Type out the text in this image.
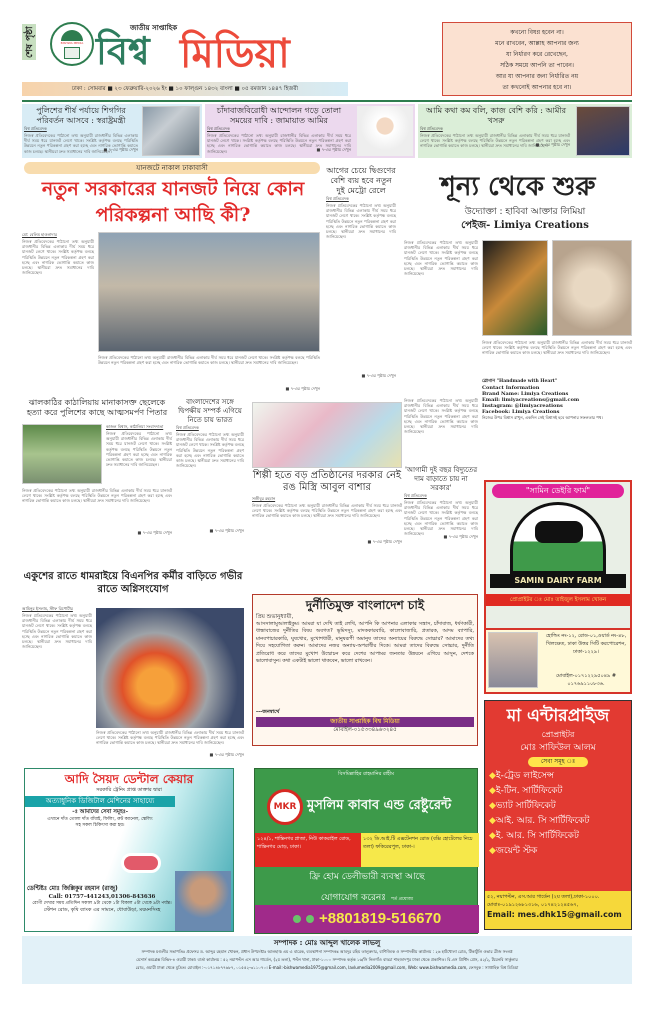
শেষ পৃষ্ঠা	BISHWA MEDIA
জাতীয় সাপ্তাহিক
বিশ্ব মিডিয়া
ঢাকা : সোমবার ■ ২৩ ফেব্রুয়ারি-২০২৬ ইং ■ ১০ ফাল্গুন ১৪৩২ বাংলা ■ ০৫ রমজান ১৪৪৭ হিজরী
কখনো বিষণ্ণ হবেন না।
মনে রাখবেন, আল্লাহ আপনার জন্য
যা নির্ধারণ করে রেখেছেন,
সঠিক সময়ে আপনি তা পাবেন।
আর যা আপনার জন্য নির্ধারিত নয়
তা কখনোই আপনার হবে না।
পুলিশের শীর্ষ পর্যায়ে শিগগির পরিবর্তন আসবে : স্বরাষ্ট্রমন্ত্রী
বিশ্ব প্রতিবেদক
নিজস্ব প্রতিবেদকের পাঠানো তথ্য অনুযায়ী রাজধানীর বিভিন্ন এলাকায় দীর্ঘ সময় ধরে যানজট লেগে থাকে। সংশ্লিষ্ট কর্তৃপক্ষ বলছে পরিস্থিতি উন্নয়নে নতুন পরিকল্পনা গ্রহণ করা হচ্ছে এবং নাগরিক ভোগান্তি কমাতে কাজ চলছে। স্থানীয়রা দ্রুত সমাধানের দাবি জানিয়েছেন।
■ ৭-এর পৃষ্ঠায় দেখুন
চাঁদাবাজবিরোধী আন্দোলন গড়ে তোলা সময়ের দাবি : জামায়াত আমির
বিশ্ব প্রতিবেদক
নিজস্ব প্রতিবেদকের পাঠানো তথ্য অনুযায়ী রাজধানীর বিভিন্ন এলাকায় দীর্ঘ সময় ধরে যানজট লেগে থাকে। সংশ্লিষ্ট কর্তৃপক্ষ বলছে পরিস্থিতি উন্নয়নে নতুন পরিকল্পনা গ্রহণ করা হচ্ছে এবং নাগরিক ভোগান্তি কমাতে কাজ চলছে। স্থানীয়রা দ্রুত সমাধানের দাবি জানিয়েছেন।	■ ৭-এর পৃষ্ঠায় দেখুন
আমি কথা কম বলি, কাজ বেশি করি : আমীর খসরু
বিশ্ব প্রতিবেদক
নিজস্ব প্রতিবেদকের পাঠানো তথ্য অনুযায়ী রাজধানীর বিভিন্ন এলাকায় দীর্ঘ সময় ধরে যানজট লেগে থাকে। সংশ্লিষ্ট কর্তৃপক্ষ বলছে পরিস্থিতি উন্নয়নে নতুন পরিকল্পনা গ্রহণ করা হচ্ছে এবং নাগরিক ভোগান্তি কমাতে কাজ চলছে। স্থানীয়রা দ্রুত সমাধানের দাবি জানিয়েছেন।
■ ৭-এর পৃষ্ঠায় দেখুন
যানজটে নাকাল ঢাকাবাসী
নতুন সরকারের যানজট নিয়ে কোন পরিকল্পনা আছি কী?
মো: বেলিম হাওলাদার
নিজস্ব প্রতিবেদকের পাঠানো তথ্য অনুযায়ী রাজধানীর বিভিন্ন এলাকায় দীর্ঘ সময় ধরে যানজট লেগে থাকে। সংশ্লিষ্ট কর্তৃপক্ষ বলছে পরিস্থিতি উন্নয়নে নতুন পরিকল্পনা গ্রহণ করা হচ্ছে এবং নাগরিক ভোগান্তি কমাতে কাজ চলছে। স্থানীয়রা দ্রুত সমাধানের দাবি জানিয়েছেন।
নিজস্ব প্রতিবেদকের পাঠানো তথ্য অনুযায়ী রাজধানীর বিভিন্ন এলাকায় দীর্ঘ সময় ধরে যানজট লেগে থাকে। সংশ্লিষ্ট কর্তৃপক্ষ বলছে পরিস্থিতি উন্নয়নে নতুন পরিকল্পনা গ্রহণ করা হচ্ছে এবং নাগরিক ভোগান্তি কমাতে কাজ চলছে। স্থানীয়রা দ্রুত সমাধানের দাবি জানিয়েছেন।
■ ৭-এর পৃষ্ঠায় দেখুন
আগের চেয়ে দ্বিগুণের বেশি ব্যয় হবে নতুন দুই মেট্রো রেলে
বিশ্ব প্রতিবেদক
নিজস্ব প্রতিবেদকের পাঠানো তথ্য অনুযায়ী রাজধানীর বিভিন্ন এলাকায় দীর্ঘ সময় ধরে যানজট লেগে থাকে। সংশ্লিষ্ট কর্তৃপক্ষ বলছে পরিস্থিতি উন্নয়নে নতুন পরিকল্পনা গ্রহণ করা হচ্ছে এবং নাগরিক ভোগান্তি কমাতে কাজ চলছে। স্থানীয়রা দ্রুত সমাধানের দাবি জানিয়েছেন।
■ ৭-এর পৃষ্ঠায় দেখুন
শূন্য থেকে শুরু
উদ্যোক্তা : হাবিবা আক্তার লিমিয়া
পেইজ- Limiya Creations
নিজস্ব প্রতিবেদকের পাঠানো তথ্য অনুযায়ী রাজধানীর বিভিন্ন এলাকায় দীর্ঘ সময় ধরে যানজট লেগে থাকে। সংশ্লিষ্ট কর্তৃপক্ষ বলছে পরিস্থিতি উন্নয়নে নতুন পরিকল্পনা গ্রহণ করা হচ্ছে এবং নাগরিক ভোগান্তি কমাতে কাজ চলছে। স্থানীয়রা দ্রুত সমাধানের দাবি জানিয়েছেন।
নিজস্ব প্রতিবেদকের পাঠানো তথ্য অনুযায়ী রাজধানীর বিভিন্ন এলাকায় দীর্ঘ সময় ধরে যানজট লেগে থাকে। সংশ্লিষ্ট কর্তৃপক্ষ বলছে পরিস্থিতি উন্নয়নে নতুন পরিকল্পনা গ্রহণ করা হচ্ছে এবং নাগরিক ভোগান্তি কমাতে কাজ চলছে। স্থানীয়রা দ্রুত সমাধানের দাবি জানিয়েছেন।
স্লোগান "Handmade with Heart"
Contact Information
Brand Name: Limiya Creations
Email: limiyacreations@gmail.com
Instagram: @limiyacreations
Facebook: Limiya Creations
নিজের উপর বিশ্বাস রাখুন, একদিন সেই বিশ্বাসই হবে আপনার সফলতার পথ।
ঝালকাঠির কাঠালিয়ায় মানাকাসক্ত ছেলেকে হত্যা করে পুলিশের কাছে আত্মসমর্পণ পিতার
কাজল বিশ্বাস, কাঠালিয়া সংবাদদাতা
নিজস্ব প্রতিবেদকের পাঠানো তথ্য অনুযায়ী রাজধানীর বিভিন্ন এলাকায় দীর্ঘ সময় ধরে যানজট লেগে থাকে। সংশ্লিষ্ট কর্তৃপক্ষ বলছে পরিস্থিতি উন্নয়নে নতুন পরিকল্পনা গ্রহণ করা হচ্ছে এবং নাগরিক ভোগান্তি কমাতে কাজ চলছে। স্থানীয়রা দ্রুত সমাধানের দাবি জানিয়েছেন।
নিজস্ব প্রতিবেদকের পাঠানো তথ্য অনুযায়ী রাজধানীর বিভিন্ন এলাকায় দীর্ঘ সময় ধরে যানজট লেগে থাকে। সংশ্লিষ্ট কর্তৃপক্ষ বলছে পরিস্থিতি উন্নয়নে নতুন পরিকল্পনা গ্রহণ করা হচ্ছে এবং নাগরিক ভোগান্তি কমাতে কাজ চলছে। স্থানীয়রা দ্রুত সমাধানের দাবি জানিয়েছেন।
■ ৭-এর পৃষ্ঠায় দেখুন
বাংলাদেশের সঙ্গে দ্বিপক্ষীয় সম্পর্ক এগিয়ে নিতে চায় ভারত
বিশ্ব প্রতিবেদক
নিজস্ব প্রতিবেদকের পাঠানো তথ্য অনুযায়ী রাজধানীর বিভিন্ন এলাকায় দীর্ঘ সময় ধরে যানজট লেগে থাকে। সংশ্লিষ্ট কর্তৃপক্ষ বলছে পরিস্থিতি উন্নয়নে নতুন পরিকল্পনা গ্রহণ করা হচ্ছে এবং নাগরিক ভোগান্তি কমাতে কাজ চলছে। স্থানীয়রা দ্রুত সমাধানের দাবি জানিয়েছেন।
■ ৭-এর পৃষ্ঠায় দেখুন
শিল্পী হতে বড় প্রতিষ্ঠানের দরকার নেই রঙ মিস্ত্রি আবুল বাশার
সজীবুর রহমান
নিজস্ব প্রতিবেদকের পাঠানো তথ্য অনুযায়ী রাজধানীর বিভিন্ন এলাকায় দীর্ঘ সময় ধরে যানজট লেগে থাকে। সংশ্লিষ্ট কর্তৃপক্ষ বলছে পরিস্থিতি উন্নয়নে নতুন পরিকল্পনা গ্রহণ করা হচ্ছে এবং নাগরিক ভোগান্তি কমাতে কাজ চলছে। স্থানীয়রা দ্রুত সমাধানের দাবি জানিয়েছেন।
■ ৭-এর পৃষ্ঠায় দেখুন
নিজস্ব প্রতিবেদকের পাঠানো তথ্য অনুযায়ী রাজধানীর বিভিন্ন এলাকায় দীর্ঘ সময় ধরে যানজট লেগে থাকে। সংশ্লিষ্ট কর্তৃপক্ষ বলছে পরিস্থিতি উন্নয়নে নতুন পরিকল্পনা গ্রহণ করা হচ্ছে এবং নাগরিক ভোগান্তি কমাতে কাজ চলছে। স্থানীয়রা দ্রুত সমাধানের দাবি জানিয়েছেন।
'আগামী দুই বছর বিদ্যুতের দাম বাড়াতে চায় না সরকার'
বিশ্ব প্রতিবেদক
নিজস্ব প্রতিবেদকের পাঠানো তথ্য অনুযায়ী রাজধানীর বিভিন্ন এলাকায় দীর্ঘ সময় ধরে যানজট লেগে থাকে। সংশ্লিষ্ট কর্তৃপক্ষ বলছে পরিস্থিতি উন্নয়নে নতুন পরিকল্পনা গ্রহণ করা হচ্ছে এবং নাগরিক ভোগান্তি কমাতে কাজ চলছে। স্থানীয়রা দ্রুত সমাধানের দাবি জানিয়েছেন।
■ ৭-এর পৃষ্ঠায় দেখুন
একুশের রাতে ধামরাইয়ে বিএনপির কর্মীর বাড়িতে গভীর রাতে অগ্নিসংযোগ
আমিনুর ইসলাম, স্টাফ রিপোর্টার
নিজস্ব প্রতিবেদকের পাঠানো তথ্য অনুযায়ী রাজধানীর বিভিন্ন এলাকায় দীর্ঘ সময় ধরে যানজট লেগে থাকে। সংশ্লিষ্ট কর্তৃপক্ষ বলছে পরিস্থিতি উন্নয়নে নতুন পরিকল্পনা গ্রহণ করা হচ্ছে এবং নাগরিক ভোগান্তি কমাতে কাজ চলছে। স্থানীয়রা দ্রুত সমাধানের দাবি জানিয়েছেন।
নিজস্ব প্রতিবেদকের পাঠানো তথ্য অনুযায়ী রাজধানীর বিভিন্ন এলাকায় দীর্ঘ সময় ধরে যানজট লেগে থাকে। সংশ্লিষ্ট কর্তৃপক্ষ বলছে পরিস্থিতি উন্নয়নে নতুন পরিকল্পনা গ্রহণ করা হচ্ছে এবং নাগরিক ভোগান্তি কমাতে কাজ চলছে। স্থানীয়রা দ্রুত সমাধানের দাবি জানিয়েছেন।
■ ৭-এর পৃষ্ঠায় দেখুন
দুর্নীতিমুক্ত বাংলাদেশ চাই
প্রিয় শুভানুধ্যায়ী,
আসসালামুআলাইকুম। আমরা যা দেখি তাই লেখি, আপনি কি আপনার এলাকার সন্ত্রাস, চাঁদাবাজ, ধর্ষণকারী, ধান্ধাবাজের দুর্নীতির বিষয় অবগত? ভূমিদস্যু, মাদককারবারি, কালোবাজারি, প্রতারক, আদম ব্যাপারি, মানবপাচারকারি, ঘুষখোর, মুখোশধারী, মানুষরূপী অমানুষ তাদের অন্যায়ের বিরুদ্ধে সোচ্চার? আমাদের তথ্য দিয়ে সহযোগিতা করুন। আমাদের নজর অন্যায়-অপরাধীর দিকে। আমরা তাদের বিরুদ্ধে সোচ্চার, দুর্নীতি প্রতিরোধ করে তাদের মুখোশ উন্মোচন করে দেশের আপামর জনতার উন্নয়নে এগিয়ে আসুন, দেশকে ভালোবাসুন। কথা একটাই ভালো থাকবেন, ভালো রাখবেন।
---জনস্বার্থে
জাতীয় সাপ্তাহিক বিশ্ব মিডিয়া
মোবাইল-০১৫৩৩৪৯৬৩২৪৫
"সামিন ডেইরি ফার্ম"
SAMIN DAIRY FARM
প্রোপ্রাইটর ঃ মোঃ তাইজুল ইসলাম খোকন
হোল্ডিং নং-১২, রোড-০১,ওয়ার্ড নং-৪৮, খিলক্ষেত, ঢাকা উত্তর সিটি করপোরেশন, ঢাকা-১২২৯।
মোবাইল-০১৭১২২৯৫০৪৯ # ০১৭৬৯১১০৮৩৬.
মা এন্টারপ্রাইজ
প্রোপ্রাইটর
মোঃ সাফিউল আলম
সেবা সমূহ ঃ
◆ই-ট্রেড লাইসেন্স
◆ই-টিন. সার্টিফিকেট
◆ভ্যাট সার্টিফিকেট
◆আই. আর. সি সার্টিফিকেট
◆ই. আর. সি সার্টিফিকেট
◆জয়েন্ট স্টক
৫২, নয়াপল্টন, এস.আর গার্ডেন (২য় তলা),ঢাকা-১০০০.
মোবাঃ-০১৯১২৬৮১৩১৬, ০১৭৪২১২৪৫৬৭,
Email: mes.dhk15@gmail.com
আদি সৈয়দ ডেন্টাল কেয়ার
সরকারি ট্রেনিং প্রাপ্ত ডাক্তার দ্বারা
অত্যাধুনিক ডিজিটাল মেশিনের সাহায্যে
-ঃ আমাদের সেবা সমূহঃ-
এখানে দাঁত তোলা দাঁত বাঁধাই, ফিলিং, রুট ক্যানেল, স্কেলিং সহ সকল চিকিৎসা করা হয়।
ডেন্টিষ্টঃ মোঃ জিল্লিকুর রহমান (রাজু)
Call: 01757-441243,01306-843636
রোগী দেখার সময় প্রতিদিন সকাল ৯টা থেকে ১টা বিকাল ৫টা থেকে ৯টা পর্যন্ত।
স্টেশন রোড, কৃষি ব্যাংক এর সামনে, ধোবাউড়া, ময়মনসিংহ
বিসমিল্লাহির রাহমানির রাহীম
MKR মুসলিম কাবাব এন্ড রেষ্টুরেন্ট
১২৪/১, শান্তিনগর প্লাজা, নিউ কাকরাইল রোড, শান্তিনগর মোড়, ঢাকা।
১৩২ ডি.আই.টি এক্সটেনশন রোড (বক্সি হোটেলের নিচে তলা) ফকিরেরপুল, ঢাকা-।
ফ্রি হোম ডেলীভারী ব্যবস্থা আছে
যোগাযোগ করেনঃ শর্ত প্রযোজ্য
+8801819-516670
সম্পাদক : মোঃ আব্দুল খালেক লাভলু
সম্পাদক মণ্ডলীর সভাপতিঃ প্রফেসর ড. আব্দুর রহমান খোকন, প্রধান উপদেষ্টাঃ আলহাজ্ব এম এ বারেক, ব্যবস্থাপনা সম্পাদকঃ আবদুর রহিম তালুকদার, বাণিজ্যিক ও সম্পাদকীয় কার্যালয় : ২৬ হাটখোলা রোড, টিকাটুলি ওভার ব্রীজ সংলগ্ন
মেসার্স কমপ্লেক্স বিল্ডিং-৪ ওয়ারী ঢাকা। বার্তা কার্যালয় : ৫২ নয়াপল্টন এস আর গার্ডেন, (২য় তলা), পল্টন থানা, ঢাকা-১০০০ সম্পাদক কর্তৃক ১৬/সি নিলগাঁও বাড্ডা শাহজাদপুর ঢাকা থেকে প্রকাশিত। বি.এস প্রিন্টিং প্রেস, ৫২/২, টয়েনবি সার্কুলার
রোড, ওয়ারী ঢাকা থেকে মুদ্রিত। মোবাইল :-০১৭১৪৮৭৭৬৮৭, ০১৫৫২-৩১১০৭০। E-mail:-bishwamedia1975@gmail.com, lavlumedia2009@gmail.com, Web: www.bishwamedia.com, ফেসবুক : সাপ্তাহিক বিশ্ব মিডিয়া
